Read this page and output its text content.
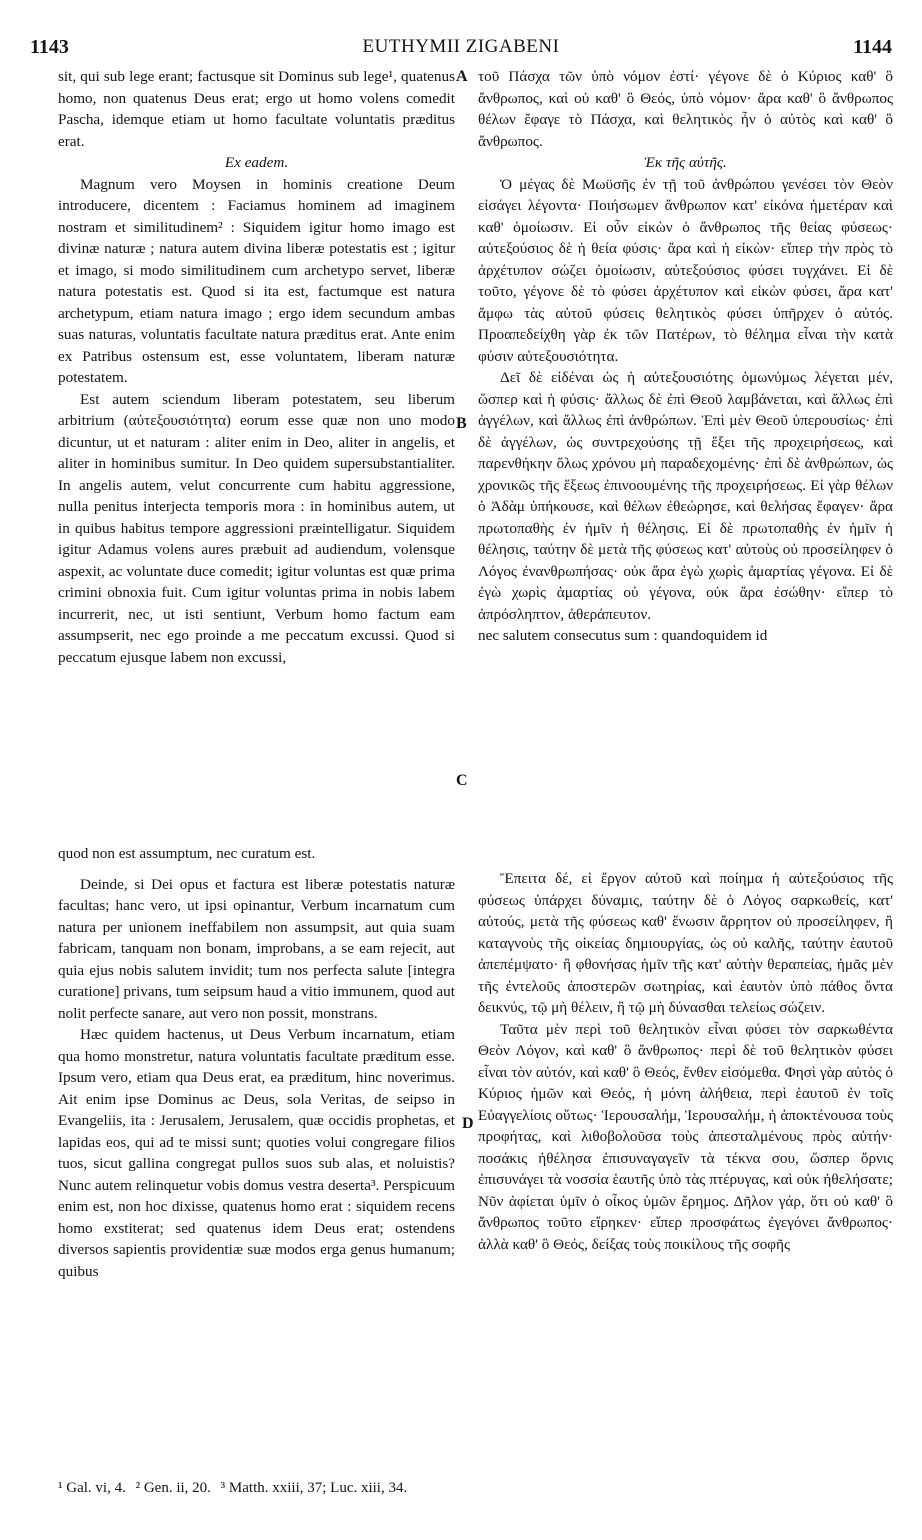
1143	EUTHYMII ZIGABENI	1144

sit, qui sub lege erant; factusque sit Dominus sub lege¹, quatenus homo, non quatenus Deus erat; ergo ut homo volens comedit Pascha, idemque etiam ut homo facultate voluntatis præditus erat.

Ex eadem.

Magnum vero Moysen in hominis creatione Deum introducere, dicentem : Faciamus hominem ad imaginem nostram et similitudinem² : Siquidem igitur homo imago est divinæ naturæ ; natura autem divina liberæ potestatis est ; igitur et imago, si modo similitudinem cum archetypo servet, liberæ natura potestatis est. Quod si ita est, factumque est natura archetypum, etiam natura imago ; ergo idem secundum ambas suas naturas, voluntatis facultate natura præditus erat. Ante enim ex Patribus ostensum est, esse voluntatem, liberam naturæ potestatem.

Est autem sciendum liberam potestatem, seu liberum arbitrium (αὐτεξουσιότητα) eorum esse quæ non uno modo dicuntur, ut et naturam : aliter enim in Deo, aliter in angelis, et aliter in hominibus sumitur. In Deo quidem supersubstantialiter. In angelis autem, velut concurrente cum habitu aggressione, nulla penitus interjecta temporis mora : in hominibus autem, ut in quibus habitus tempore aggressioni præintelligatur. Siquidem igitur Adamus volens aures præbuit ad audiendum, volensque aspexit, ac voluntate duce comedit; igitur voluntas est quæ prima crimini obnoxia fuit. Cum igitur voluntas prima in nobis labem incurrerit, nec, ut isti sentiunt, Verbum homo factum eam assumpserit, nec ego proinde a me peccatum excussi. Quod si peccatum ejusque labem non excussi,

τοῦ Πάσχα τῶν ὑπὸ νόμον ἐστί· γέγονε δὲ ὁ Κύριος καθ' ὃ ἄνθρωπος, καὶ οὐ καθ' ὃ Θεός, ὑπὸ νόμον· ἄρα καθ' ὃ ἄνθρωπος θέλων ἔφαγε τὸ Πάσχα, καὶ θελητικὸς ἦν ὁ αὐτὸς καὶ καθ' ὃ ἄνθρωπος.

Ἐκ τῆς αὐτῆς.

Ὁ μέγας δὲ Μωϋσῆς ἐν τῇ τοῦ ἀνθρώπου γενέσει τὸν Θεὸν εἰσάγει λέγοντα· Ποιήσωμεν ἄνθρωπον κατ' εἰκόνα ἡμετέραν καὶ καθ' ὁμοίωσιν. Εἰ οὖν εἰκὼν ὁ ἄνθρωπος τῆς θείας φύσεως· αὐτεξούσιος δὲ ἡ θεία φύσις· ἄρα καὶ ἡ εἰκὼν· εἴπερ τὴν πρὸς τὸ ἀρχέτυπον σώζει ὁμοίωσιν, αὐτεξούσιος φύσει τυγχάνει. Εἰ δὲ τοῦτο, γέγονε δὲ τὸ φύσει ἀρχέτυπον καὶ εἰκὼν φύσει, ἄρα κατ' ἄμφω τὰς αὐτοῦ φύσεις θελητικὸς φύσει ὑπῆρχεν ὁ αὐτός. Προαπεδείχθη γὰρ ἐκ τῶν Πατέρων, τὸ θέλημα εἶναι τὴν κατὰ φύσιν αὐτεξουσιότητα.

Δεῖ δὲ εἰδέναι ὡς ἡ αὐτεξουσιότης ὁμωνύμως λέγεται μέν, ὥσπερ καὶ ἡ φύσις· ἄλλως δὲ ἐπὶ Θεοῦ λαμβάνεται, καὶ ἄλλως ἐπὶ ἀγγέλων, καὶ ἄλλως ἐπὶ ἀνθρώπων. Ἐπὶ μὲν Θεοῦ ὑπερουσίως· ἐπὶ δὲ ἀγγέλων, ὡς συντρεχούσης τῇ ἕξει τῆς προχειρήσεως, καὶ παρενθήκην ὅλως χρόνου μὴ παραδεχομένης· ἐπὶ δὲ ἀνθρώπων, ὡς χρονικῶς τῆς ἕξεως ἐπινοουμένης τῆς προχειρήσεως. Εἰ γὰρ θέλων ὁ Ἀδὰμ ὑπήκουσε, καὶ θέλων ἐθεώρησε, καὶ θελήσας ἔφαγεν· ἄρα πρωτοπαθὴς ἐν ἡμῖν ἡ θέλησις. Εἰ δὲ πρωτοπαθὴς ἐν ἡμῖν ἡ θέλησις, ταύτην δὲ μετὰ τῆς φύσεως κατ' αὐτοὺς οὐ προσείληφεν ὁ Λόγος ἐνανθρωπήσας· οὐκ ἄρα ἐγὼ χωρὶς ἁμαρτίας γέγονα. Εἰ δὲ ἐγὼ χωρὶς ἁμαρτίας οὐ γέγονα, οὐκ ἄρα ἐσώθην· εἴπερ τὸ ἀπρόσληπτον, ἀθεράπευτον.

nec salutem consecutus sum : quandoquidem id

quod non est assumptum, nec curatum est.

Deinde, si Dei opus et factura est liberæ potestatis naturæ facultas; hanc vero, ut ipsi opinantur, Verbum incarnatum cum natura per unionem ineffabilem non assumpsit, aut quia suam fabricam, tanquam non bonam, improbans, a se eam rejecit, aut quia ejus nobis salutem invidit; tum nos perfecta salute [integra curatione] privans, tum seipsum haud a vitio immunem, quod aut nolit perfecte sanare, aut vero non possit, monstrans.

Hæc quidem hactenus, ut Deus Verbum incarnatum, etiam qua homo monstretur, natura voluntatis facultate præditum esse. Ipsum vero, etiam qua Deus erat, ea præditum, hinc noverimus. Ait enim ipse Dominus ac Deus, sola Veritas, de seipso in Evangeliis, ita : Jerusalem, Jerusalem, quæ occidis prophetas, et lapidas eos, qui ad te missi sunt; quoties volui congregare filios tuos, sicut gallina congregat pullos suos sub alas, et noluistis? Nunc autem relinquetur vobis domus vestra deserta³. Perspicuum enim est, non hoc dixisse, quatenus homo erat : siquidem recens homo exstiterat; sed quatenus idem Deus erat; ostendens diversos sapientis providentiæ suæ modos erga genus humanum; quibus

Ἔπειτα δέ, εἰ ἔργον αὐτοῦ καὶ ποίημα ἡ αὐτεξούσιος τῆς φύσεως ὑπάρχει δύναμις, ταύτην δὲ ὁ Λόγος σαρκωθείς, κατ' αὐτούς, μετὰ τῆς φύσεως καθ' ἕνωσιν ἄρρητον οὐ προσείληφεν, ἢ καταγνοὺς τῆς οἰκείας δημιουργίας, ὡς οὐ καλῆς, ταύτην ἑαυτοῦ ἀπεπέμψατο· ἢ φθονήσας ἡμῖν τῆς κατ' αὐτὴν θεραπείας, ἡμᾶς μὲν τῆς ἐντελοῦς ἀποστερῶν σωτηρίας, καὶ ἑαυτὸν ὑπὸ πάθος ὄντα δεικνύς, τῷ μὴ θέλειν, ἢ τῷ μὴ δύνασθαι τελείως σώζειν.

Ταῦτα μὲν περὶ τοῦ θελητικὸν εἶναι φύσει τὸν σαρκωθέντα Θεὸν Λόγον, καὶ καθ' ὃ ἄνθρωπος· περὶ δὲ τοῦ θελητικὸν φύσει εἶναι τὸν αὐτόν, καὶ καθ' ὃ Θεός, ἔνθεν εἰσόμεθα. Φησὶ γὰρ αὐτὸς ὁ Κύριος ἡμῶν καὶ Θεός, ἡ μόνη ἀλήθεια, περὶ ἑαυτοῦ ἐν τοῖς Εὐαγγελίοις οὕτως· Ἱερουσαλήμ, Ἱερουσαλήμ, ἡ ἀποκτένουσα τοὺς προφήτας, καὶ λιθοβολοῦσα τοὺς ἀπεσταλμένους πρὸς αὐτήν· ποσάκις ἠθέλησα ἐπισυναγαγεῖν τὰ τέκνα σου, ὥσπερ ὄρνις ἐπισυνάγει τὰ νοσσία ἑαυτῆς ὑπὸ τὰς πτέρυγας, καὶ οὐκ ἠθελήσατε; Νῦν ἀφίεται ὑμῖν ὁ οἶκος ὑμῶν ἔρημος. Δῆλον γάρ, ὅτι οὐ καθ' ὃ ἄνθρωπος τοῦτο εἴρηκεν· εἴπερ προσφάτως ἐγεγόνει ἄνθρωπος· ἀλλὰ καθ' ὃ Θεός, δείξας τοὺς ποικίλους τῆς σοφῆς

A
B
C
D
¹ Gal. vi, 4. ² Gen. ii, 20. ³ Matth. xxiii, 37; Luc. xiii, 34.
